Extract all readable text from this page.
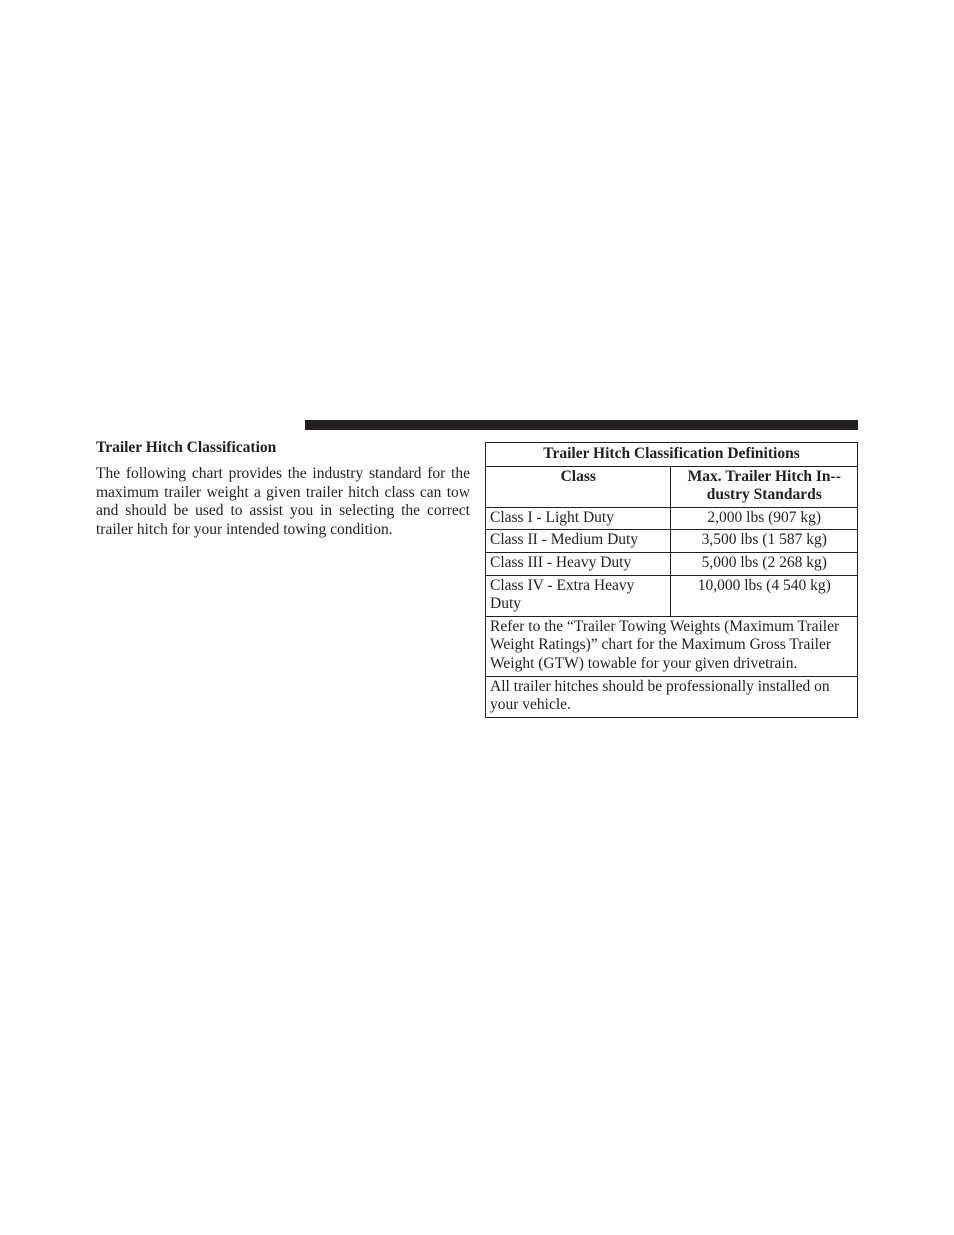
Trailer Hitch Classification

The following chart provides the industry standard for the maximum trailer weight a given trailer hitch class can tow and should be used to assist you in selecting the correct trailer hitch for your intended towing condition.

Trailer Hitch Classification Definitions	
Class	Max. Trailer Hitch In-dustry Standards
Class I - Light Duty	2,000 lbs (907 kg)
Class II - Medium Duty	3,500 lbs (1 587 kg)
Class III - Heavy Duty	5,000 lbs (2 268 kg)
Class IV - Extra Heavy Duty	10,000 lbs (4 540 kg)
Refer to the “Trailer Towing Weights (Maximum Trailer Weight Ratings)” chart for the Maximum Gross Trailer Weight (GTW) towable for your given drivetrain.	
All trailer hitches should be professionally installed on your vehicle.	
